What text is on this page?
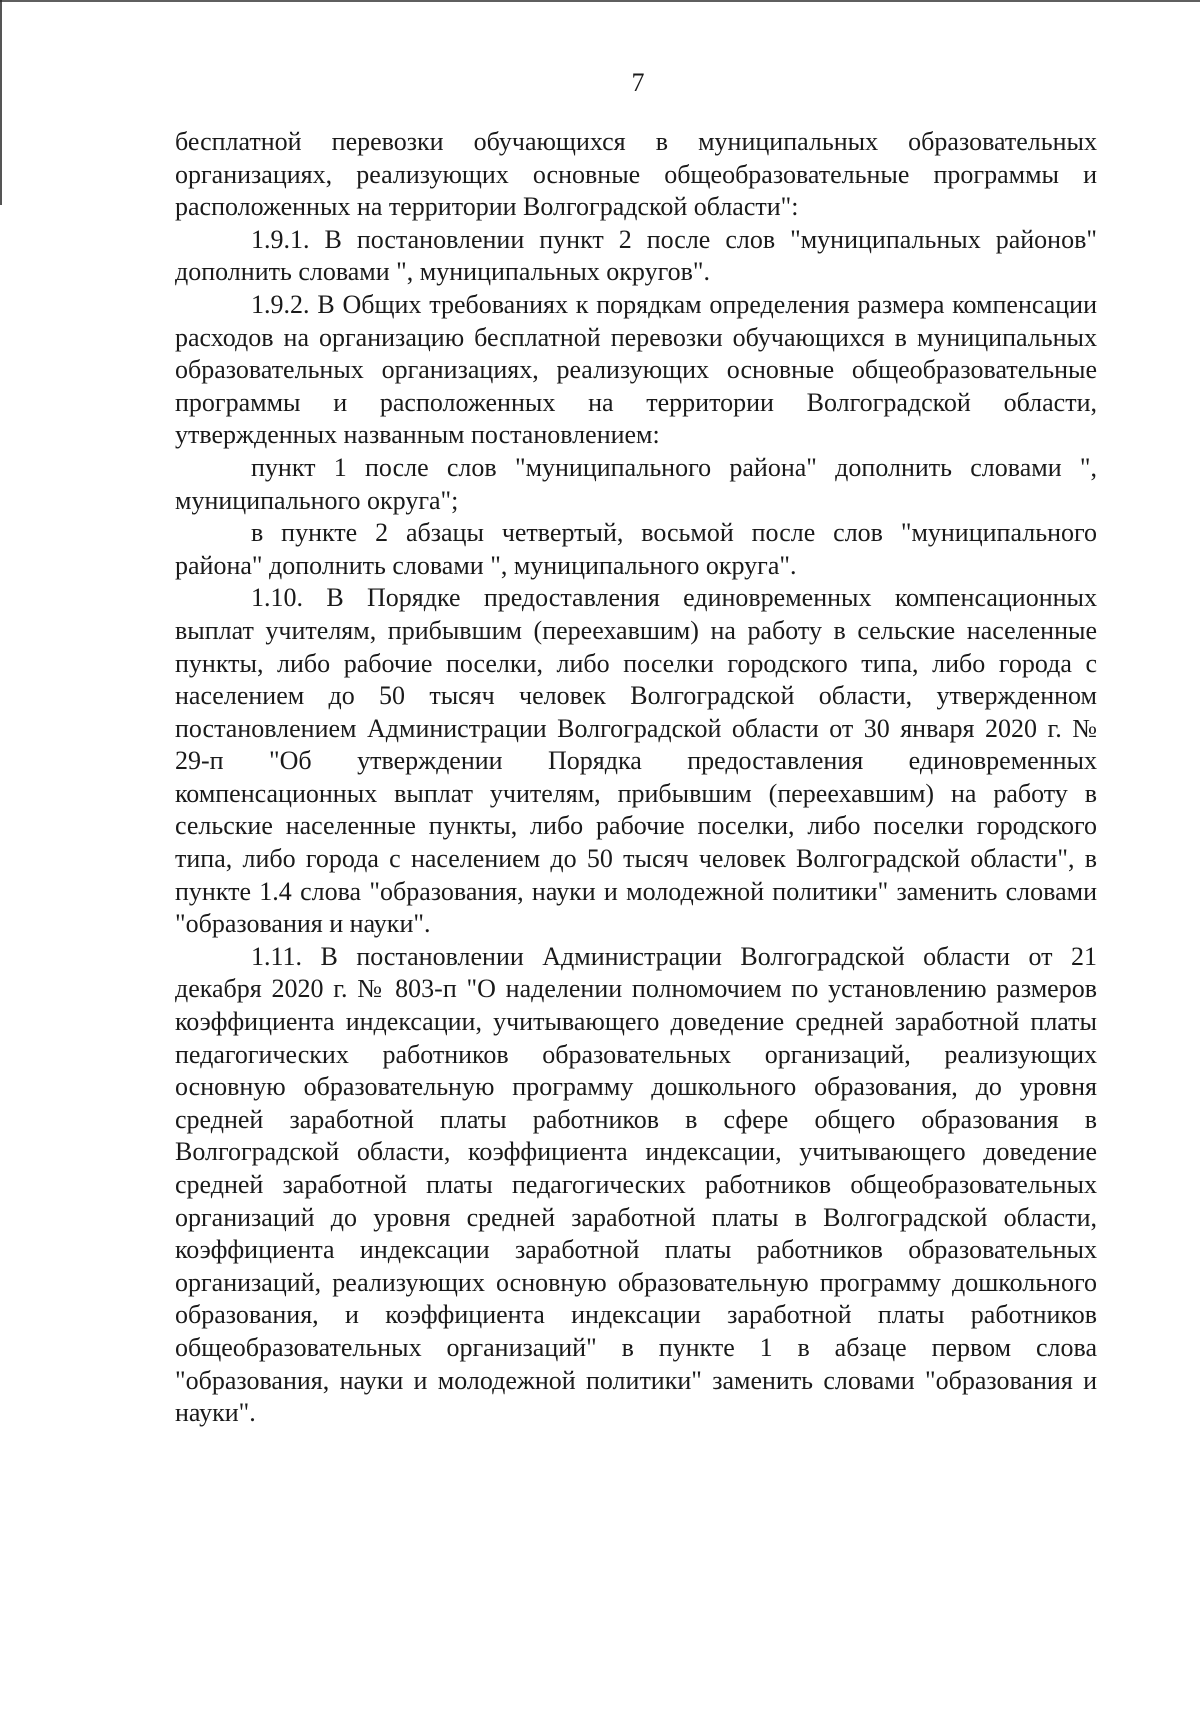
7

бесплатной перевозки обучающихся в муниципальных образовательных организациях, реализующих основные общеобразовательные программы и расположенных на территории Волгоградской области":

1.9.1. В постановлении пункт 2 после слов "муниципальных районов" дополнить словами ", муниципальных округов".

1.9.2. В Общих требованиях к порядкам определения размера компенсации расходов на организацию бесплатной перевозки обучающихся в муниципальных образовательных организациях, реализующих основные общеобразовательные программы и расположенных на территории Волгоградской области, утвержденных названным постановлением:

пункт 1 после слов "муниципального района" дополнить словами ", муниципального округа";

в пункте 2 абзацы четвертый, восьмой после слов "муниципального района" дополнить словами ", муниципального округа".

1.10. В Порядке предоставления единовременных компенсационных выплат учителям, прибывшим (переехавшим) на работу в сельские населенные пункты, либо рабочие поселки, либо поселки городского типа, либо города с населением до 50 тысяч человек Волгоградской области, утвержденном постановлением Администрации Волгоградской области от 30 января 2020 г. № 29-п "Об утверждении Порядка предоставления единовременных компенсационных выплат учителям, прибывшим (переехавшим) на работу в сельские населенные пункты, либо рабочие поселки, либо поселки городского типа, либо города с населением до 50 тысяч человек Волгоградской области", в пункте 1.4 слова "образования, науки и молодежной политики" заменить словами "образования и науки".

1.11. В постановлении Администрации Волгоградской области от 21 декабря 2020 г. № 803-п "О наделении полномочием по установлению размеров коэффициента индексации, учитывающего доведение средней заработной платы педагогических работников образовательных организаций, реализующих основную образовательную программу дошкольного образования, до уровня средней заработной платы работников в сфере общего образования в Волгоградской области, коэффициента индексации, учитывающего доведение средней заработной платы педагогических работников общеобразовательных организаций до уровня средней заработной платы в Волгоградской области, коэффициента индексации заработной платы работников образовательных организаций, реализующих основную образовательную программу дошкольного образования, и коэффициента индексации заработной платы работников общеобразовательных организаций" в пункте 1 в абзаце первом слова "образования, науки и молодежной политики" заменить словами "образования и науки".
